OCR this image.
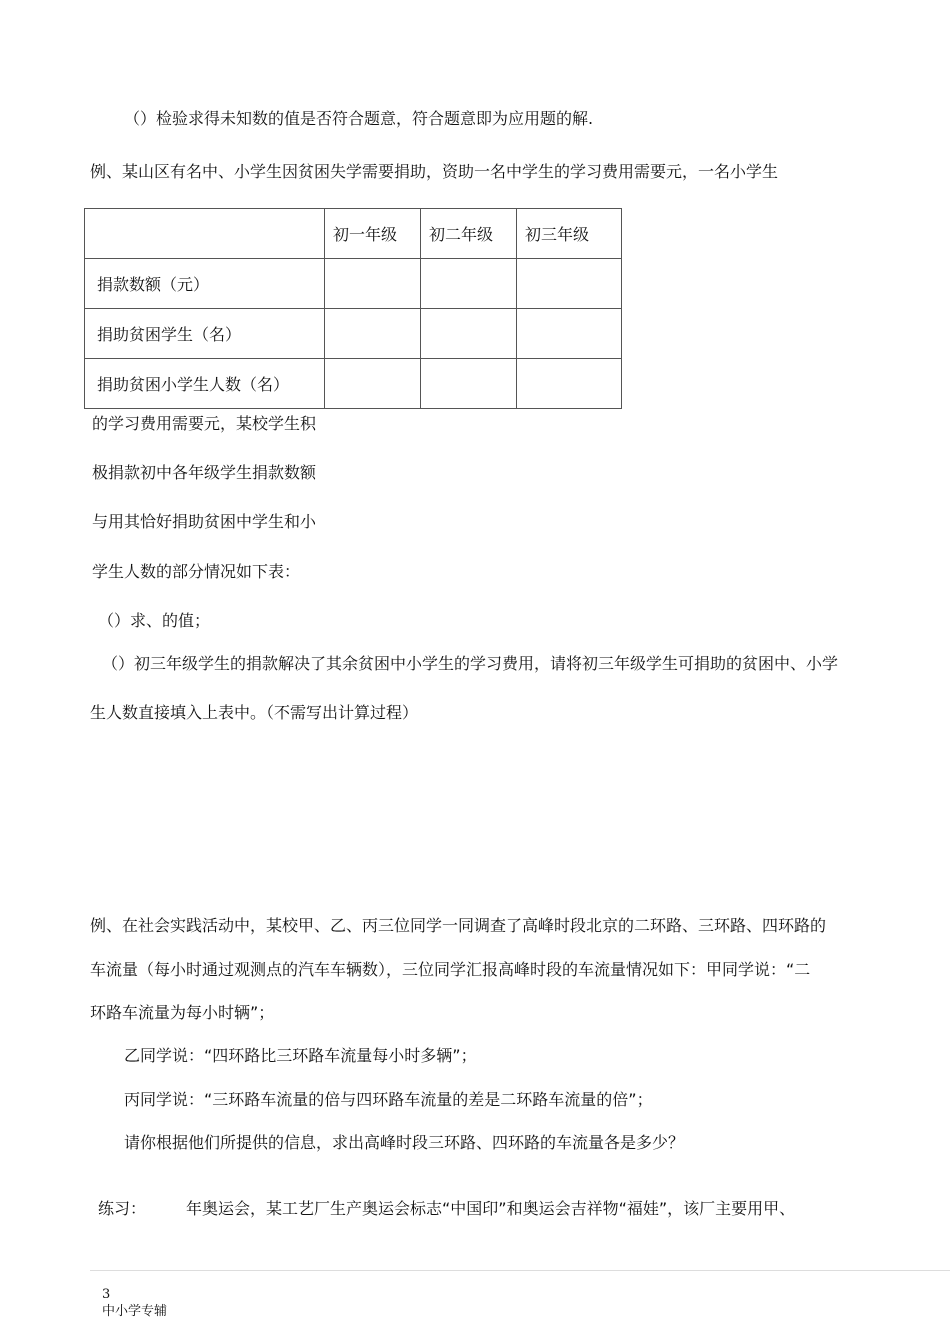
（）检验求得未知数的值是否符合题意，符合题意即为应用题的解.
例、某山区有名中、小学生因贫困失学需要捐助，资助一名中学生的学习费用需要元，一名小学生
	初一年级	初二年级	初三年级
捐款数额（元）			
捐助贫困学生（名）			
捐助贫困小学生人数（名）			
的学习费用需要元，某校学生积
极捐款初中各年级学生捐款数额
与用其恰好捐助贫困中学生和小
学生人数的部分情况如下表：
（）求、的值；
（）初三年级学生的捐款解决了其余贫困中小学生的学习费用，请将初三年级学生可捐助的贫困中、小学
生人数直接填入上表中。（不需写出计算过程）
例、在社会实践活动中，某校甲、乙、丙三位同学一同调查了高峰时段北京的二环路、三环路、四环路的
车流量（每小时通过观测点的汽车车辆数），三位同学汇报高峰时段的车流量情况如下：甲同学说：“二
环路车流量为每小时辆”；
乙同学说：“四环路比三环路车流量每小时多辆”；
丙同学说：“三环路车流量的倍与四环路车流量的差是二环路车流量的倍”；
请你根据他们所提供的信息，求出高峰时段三环路、四环路的车流量各是多少？
练习： 年奥运会，某工艺厂生产奥运会标志“中国印”和奥运会吉祥物“福娃”，该厂主要用甲、
3
中小学专辅
